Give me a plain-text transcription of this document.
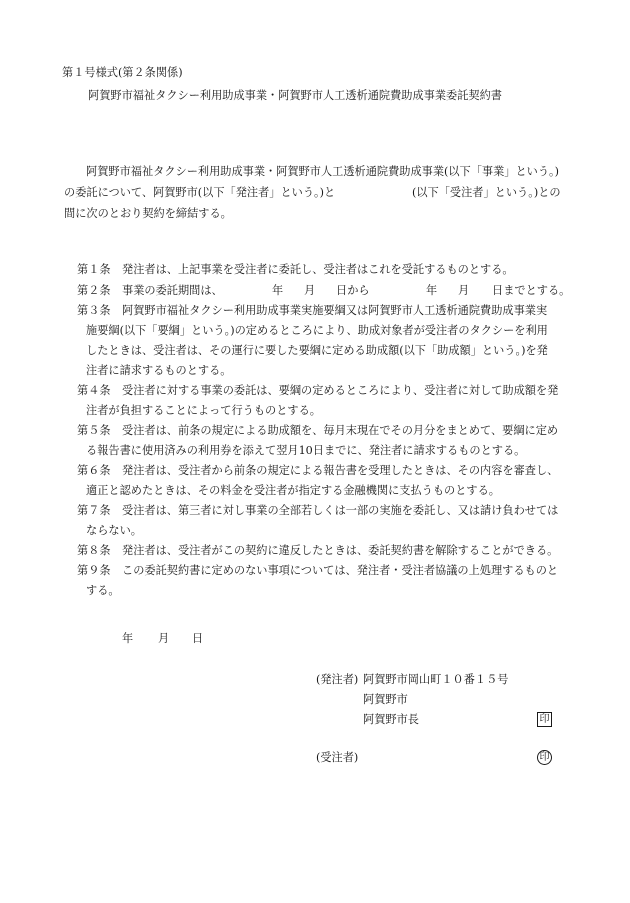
第１号様式(第２条関係)
阿賀野市福祉タクシー利用助成事業・阿賀野市人工透析通院費助成事業委託契約書
阿賀野市福祉タクシー利用助成事業・阿賀野市人工透析通院費助成事業(以下「事業」という。)
の委託について、阿賀野市(以下「発注者」という。)と	(以下「受注者」という。)との
間に次のとおり契約を締結する。
第１条 発注者は、上記事業を受注者に委託し、受注者はこれを受託するものとする。
第２条 事業の委託期間は、	年 月 日から	年 月 日までとする。
第３条 阿賀野市福祉タクシー利用助成事業実施要綱又は阿賀野市人工透析通院費助成事業実
施要綱(以下「要綱」という。)の定めるところにより、助成対象者が受注者のタクシーを利用
したときは、受注者は、その運行に要した要綱に定める助成額(以下「助成額」という。)を発
注者に請求するものとする。
第４条 受注者に対する事業の委託は、要綱の定めるところにより、受注者に対して助成額を発
注者が負担することによって行うものとする。
第５条 受注者は、前条の規定による助成額を、毎月末現在でその月分をまとめて、要綱に定め
る報告書に使用済みの利用券を添えて翌月10日までに、発注者に請求するものとする。
第６条 発注者は、受注者から前条の規定による報告書を受理したときは、その内容を審査し、
適正と認めたときは、その料金を受注者が指定する金融機関に支払うものとする。
第７条 受注者は、第三者に対し事業の全部若しくは一部の実施を委託し、又は請け負わせては
ならない。
第８条 発注者は、受注者がこの契約に違反したときは、委託契約書を解除することができる。
第９条 この委託契約書に定めのない事項については、発注者・受注者協議の上処理するものと
する。
年 月 日
(発注者) 阿賀野市岡山町１０番１５号
阿賀野市
阿賀野市長	印
(受注者)	印
